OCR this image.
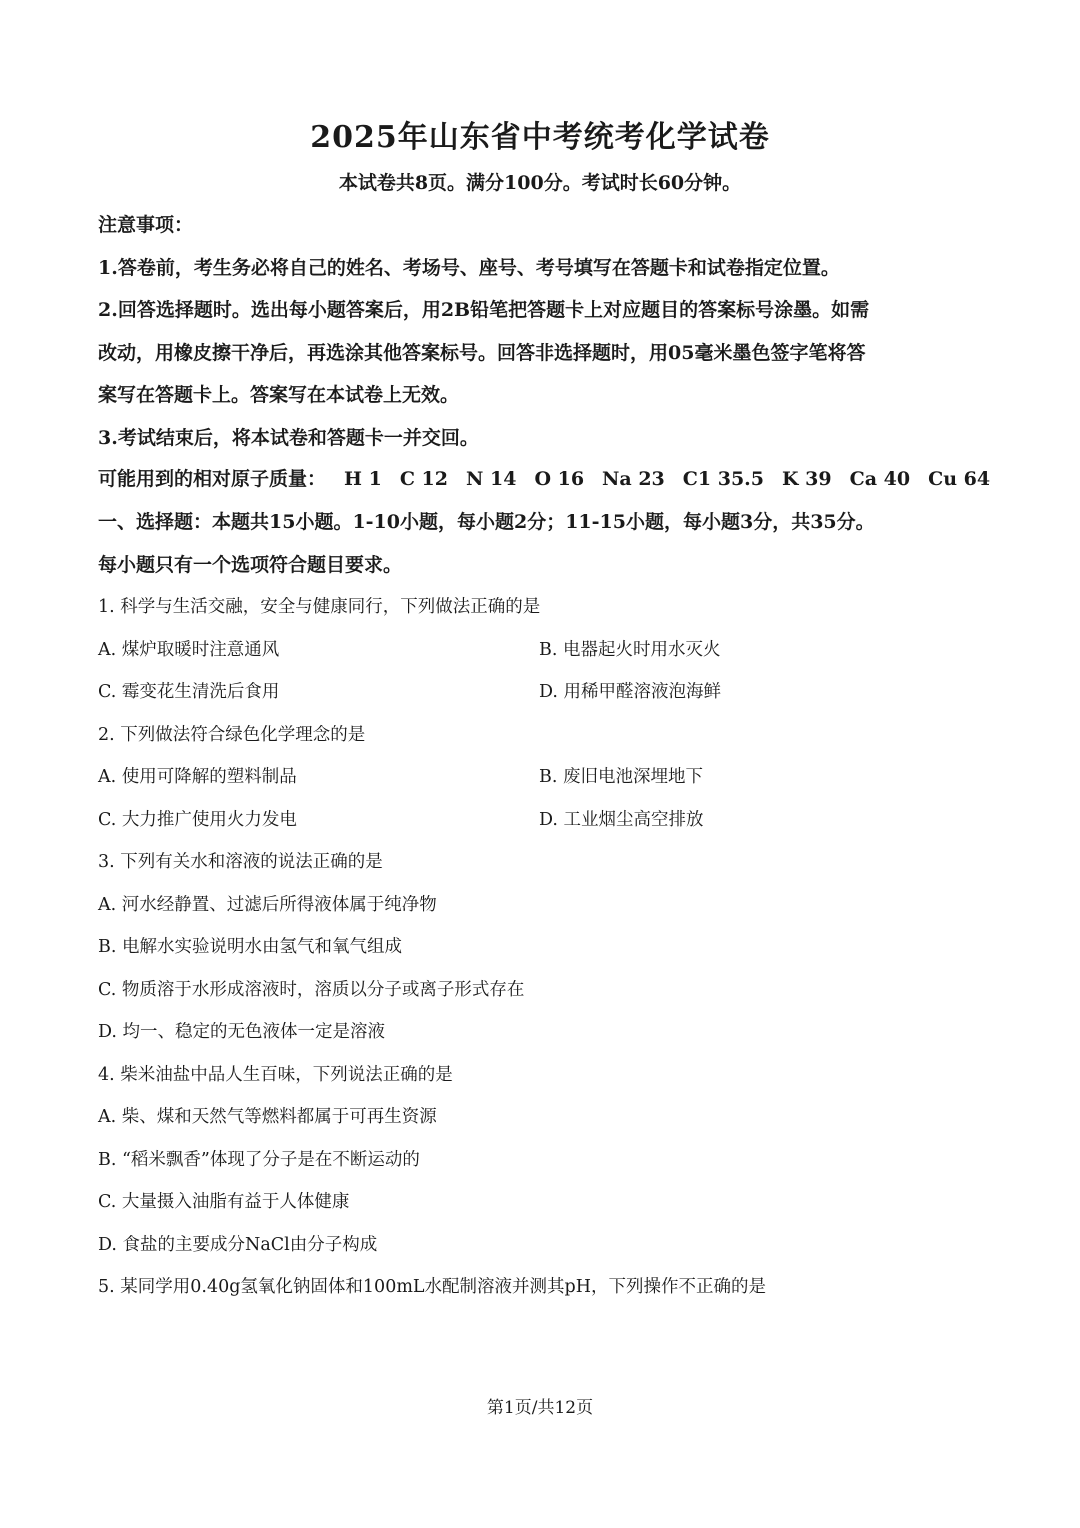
2025年山东省中考统考化学试卷
本试卷共8页。满分100分。考试时长60分钟。
注意事项：
1.答卷前，考生务必将自己的姓名、考场号、座号、考号填写在答题卡和试卷指定位置。
2.回答选择题时。选出每小题答案后，用2B铅笔把答题卡上对应题目的答案标号涂墨。如需
改动，用橡皮擦干净后，再选涂其他答案标号。回答非选择题时，用05毫米墨色签字笔将答
案写在答题卡上。答案写在本试卷上无效。
3.考试结束后，将本试卷和答题卡一并交回。
可能用到的相对原子质量： H 1 C 12 N 14 O 16 Na 23 C1 35.5 K 39 Ca 40 Cu 64
一、选择题：本题共15小题。1-10小题，每小题2分；11-15小题，每小题3分，共35分。
每小题只有一个选项符合题目要求。
1. 科学与生活交融，安全与健康同行，下列做法正确的是
A. 煤炉取暖时注意通风	B. 电器起火时用水灭火
C. 霉变花生清洗后食用	D. 用稀甲醛溶液泡海鲜
2. 下列做法符合绿色化学理念的是
A. 使用可降解的塑料制品	B. 废旧电池深埋地下
C. 大力推广使用火力发电	D. 工业烟尘高空排放
3. 下列有关水和溶液的说法正确的是
A. 河水经静置、过滤后所得液体属于纯净物
B. 电解水实验说明水由氢气和氧气组成
C. 物质溶于水形成溶液时，溶质以分子或离子形式存在
D. 均一、稳定的无色液体一定是溶液
4. 柴米油盐中品人生百味，下列说法正确的是
A. 柴、煤和天然气等燃料都属于可再生资源
B. “稻米飘香”体现了分子是在不断运动的
C. 大量摄入油脂有益于人体健康
D. 食盐的主要成分NaCl由分子构成
5. 某同学用0.40g氢氧化钠固体和100mL水配制溶液并测其pH，下列操作不正确的是
第1页/共12页
